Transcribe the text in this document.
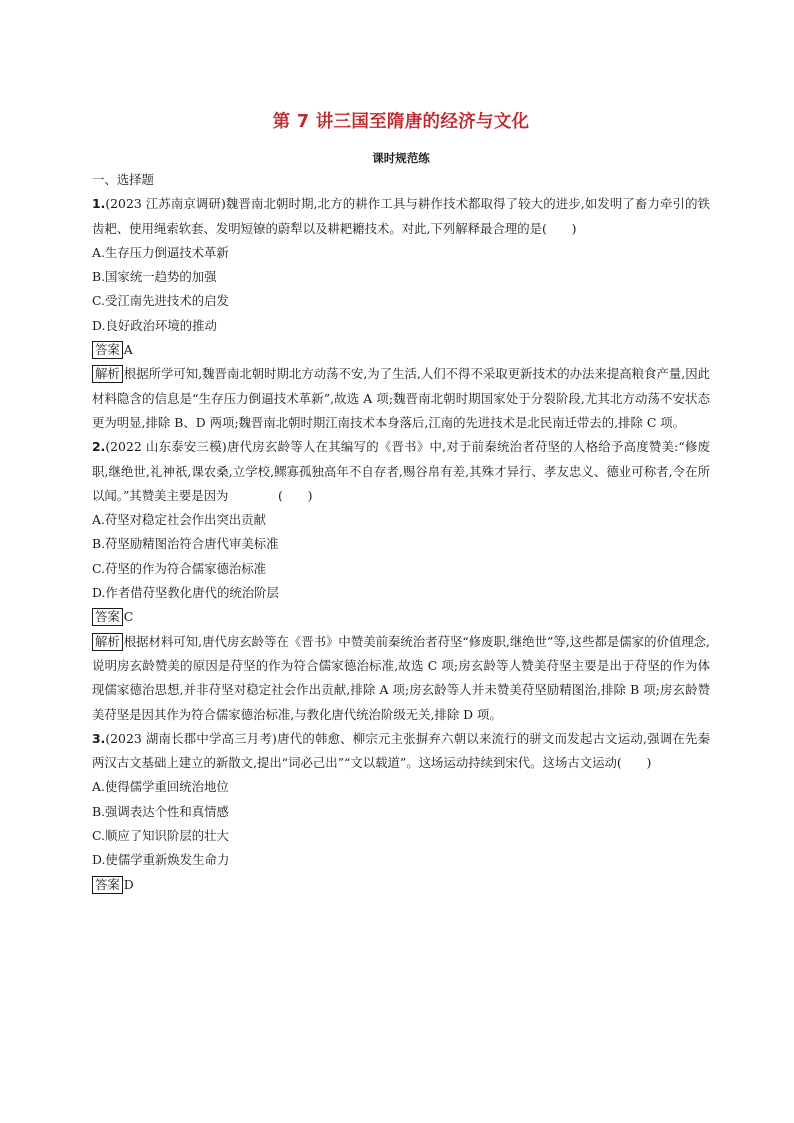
第 7 讲三国至隋唐的经济与文化
课时规范练
一、选择题
1.(2023 江苏南京调研)魏晋南北朝时期,北方的耕作工具与耕作技术都取得了较大的进步,如发明了畜力牵引的铁齿耙、使用绳索软套、发明短镣的蔚犁以及耕耙耱技术。对此,下列解释最合理的是(　　)
A.生存压力倒逼技术革新
B.国家统一趋势的加强
C.受江南先进技术的启发
D.良好政治环境的推动
答案 A
解析 根据所学可知,魏晋南北朝时期北方动荡不安,为了生活,人们不得不采取更新技术的办法来提高粮食产量,因此材料隐含的信息是“生存压力倒逼技术革新”,故选 A 项;魏晋南北朝时期国家处于分裂阶段,尤其北方动荡不安状态更为明显,排除 B、D 两项;魏晋南北朝时期江南技术本身落后,江南的先进技术是北民南迁带去的,排除 C 项。
2.(2022 山东泰安三模)唐代房玄龄等人在其编写的《晋书》中,对于前秦统治者苻坚的人格给予高度赞美:“修废职,继绝世,礼神祇,课农桑,立学校,鳏寡孤独高年不自存者,赐谷帛有差,其殊才异行、孝友忠义、德业可称者,令在所以闻。”其赞美主要是因为　　　　(　　)
A.苻坚对稳定社会作出突出贡献
B.苻坚励精图治符合唐代审美标准
C.苻坚的作为符合儒家德治标准
D.作者借苻坚教化唐代的统治阶层
答案 C
解析 根据材料可知,唐代房玄龄等在《晋书》中赞美前秦统治者苻坚“修废职,继绝世”等,这些都是儒家的价值理念,说明房玄龄赞美的原因是苻坚的作为符合儒家德治标准,故选 C 项;房玄龄等人赞美苻坚主要是出于苻坚的作为体现儒家德治思想,并非苻坚对稳定社会作出贡献,排除 A 项;房玄龄等人并未赞美苻坚励精图治,排除 B 项;房玄龄赞美苻坚是因其作为符合儒家德治标准,与教化唐代统治阶级无关,排除 D 项。
3.(2023 湖南长郡中学高三月考)唐代的韩愈、柳宗元主张摒弃六朝以来流行的骈文而发起古文运动,强调在先秦两汉古文基础上建立的新散文,提出“词必己出”“文以载道”。这场运动持续到宋代。这场古文运动(　　)
A.使得儒学重回统治地位
B.强调表达个性和真情感
C.顺应了知识阶层的壮大
D.使儒学重新焕发生命力
答案 D
